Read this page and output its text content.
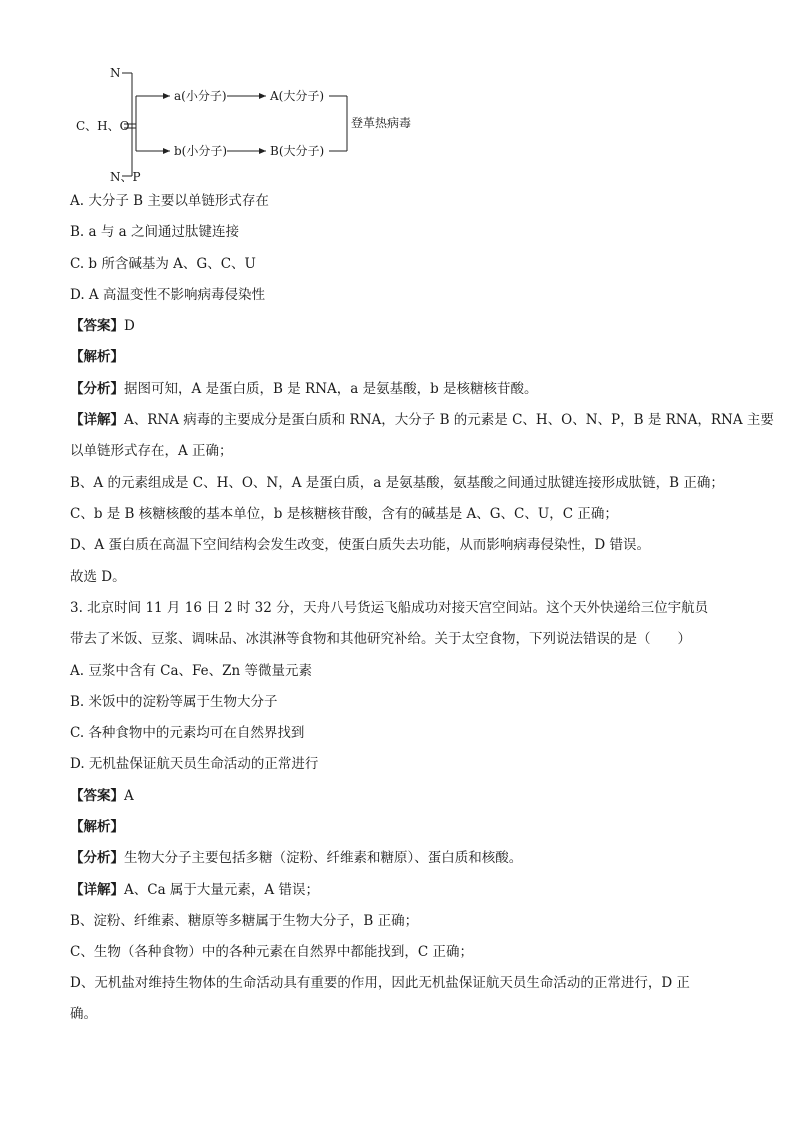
N
C、H、O
N、P
a(小分子)	A(大分子)
b(小分子)	B(大分子)
登革热病毒
A. 大分子 B 主要以单链形式存在
B. a 与 a 之间通过肽键连接
C. b 所含碱基为 A、G、C、U
D. A 高温变性不影响病毒侵染性
【答案】D
【解析】
【分析】据图可知，A 是蛋白质，B 是 RNA，a 是氨基酸，b 是核糖核苷酸。
【详解】A、RNA 病毒的主要成分是蛋白质和 RNA，大分子 B 的元素是 C、H、O、N、P，B 是 RNA，RNA 主要
以单链形式存在，A 正确；
B、A 的元素组成是 C、H、O、N，A 是蛋白质，a 是氨基酸，氨基酸之间通过肽键连接形成肽链，B 正确；
C、b 是 B 核糖核酸的基本单位，b 是核糖核苷酸，含有的碱基是 A、G、C、U，C 正确；
D、A 蛋白质在高温下空间结构会发生改变，使蛋白质失去功能，从而影响病毒侵染性，D 错误。
故选 D。
3. 北京时间 11 月 16 日 2 时 32 分，天舟八号货运飞船成功对接天宫空间站。这个天外快递给三位宇航员
带去了米饭、豆浆、调味品、冰淇淋等食物和其他研究补给。关于太空食物，下列说法错误的是（　　）
A. 豆浆中含有 Ca、Fe、Zn 等微量元素
B. 米饭中的淀粉等属于生物大分子
C. 各种食物中的元素均可在自然界找到
D. 无机盐保证航天员生命活动的正常进行
【答案】A
【解析】
【分析】生物大分子主要包括多糖（淀粉、纤维素和糖原）、蛋白质和核酸。
【详解】A、Ca 属于大量元素，A 错误；
B、淀粉、纤维素、糖原等多糖属于生物大分子，B 正确；
C、生物（各种食物）中的各种元素在自然界中都能找到，C 正确；
D、无机盐对维持生物体的生命活动具有重要的作用，因此无机盐保证航天员生命活动的正常进行，D 正
确。
